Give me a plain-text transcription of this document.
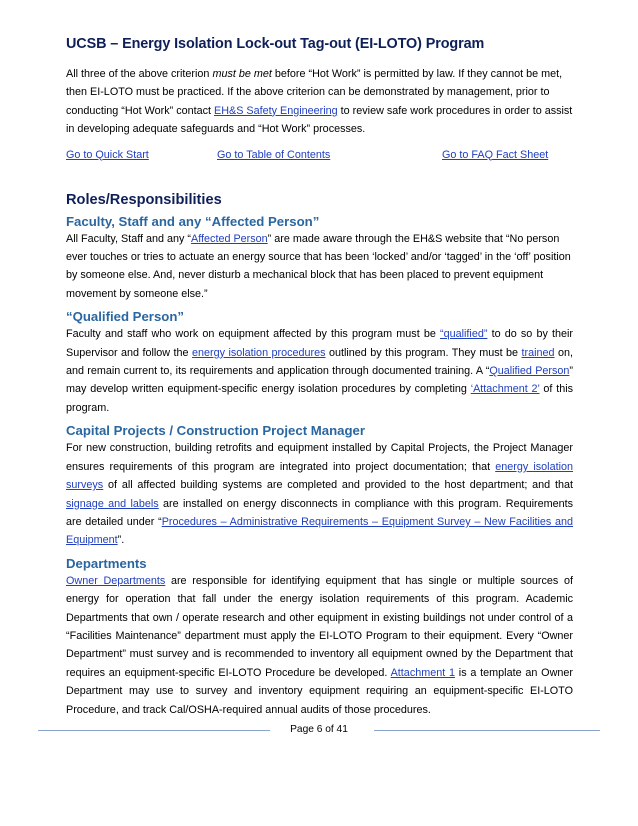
UCSB – Energy Isolation Lock-out Tag-out (EI-LOTO) Program

All three of the above criterion must be met before “Hot Work” is permitted by law. If they cannot be met, then EI-LOTO must be practiced. If the above criterion can be demonstrated by management, prior to conducting “Hot Work” contact EH&S Safety Engineering to review safe work procedures in order to assist in developing adequate safeguards and “Hot Work” processes.

Go to Quick Start	Go to Table of Contents	Go to FAQ Fact Sheet
Roles/Responsibilities
Faculty, Staff and any “Affected Person”

All Faculty, Staff and any “Affected Person” are made aware through the EH&S website that “No person ever touches or tries to actuate an energy source that has been ‘locked’ and/or ‘tagged’ in the ‘off’ position by someone else. And, never disturb a mechanical block that has been placed to prevent equipment movement by someone else.”

“Qualified Person”

Faculty and staff who work on equipment affected by this program must be “qualified” to do so by their Supervisor and follow the energy isolation procedures outlined by this program. They must be trained on, and remain current to, its requirements and application through documented training. A “Qualified Person” may develop written equipment-specific energy isolation procedures by completing ‘Attachment 2’ of this program.

Capital Projects / Construction Project Manager

For new construction, building retrofits and equipment installed by Capital Projects, the Project Manager ensures requirements of this program are integrated into project documentation; that energy isolation surveys of all affected building systems are completed and provided to the host department; and that signage and labels are installed on energy disconnects in compliance with this program. Requirements are detailed under “Procedures – Administrative Requirements – Equipment Survey – New Facilities and Equipment”.

Departments

Owner Departments are responsible for identifying equipment that has single or multiple sources of energy for operation that fall under the energy isolation requirements of this program. Academic Departments that own / operate research and other equipment in existing buildings not under control of a “Facilities Maintenance” department must apply the EI-LOTO Program to their equipment. Every “Owner Department” must survey and is recommended to inventory all equipment owned by the Department that requires an equipment-specific EI-LOTO Procedure be developed. Attachment 1 is a template an Owner Department may use to survey and inventory equipment requiring an equipment-specific EI-LOTO Procedure, and track Cal/OSHA-required annual audits of those procedures.

Page 6 of 41
